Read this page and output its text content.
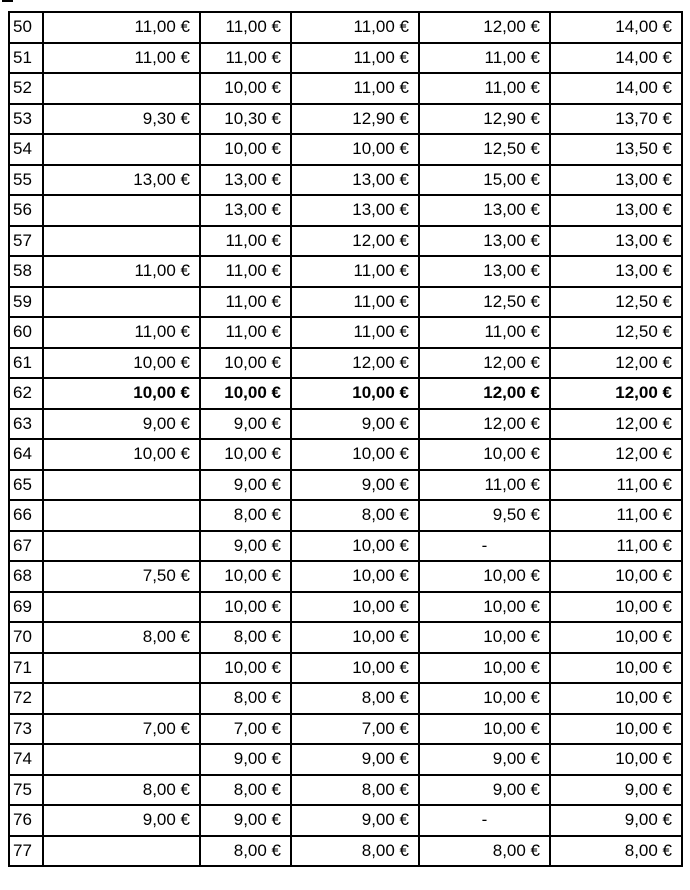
50	11,00 €	11,00 €	11,00 €	12,00 €	14,00 €
51	11,00 €	11,00 €	11,00 €	11,00 €	14,00 €
52		10,00 €	11,00 €	11,00 €	14,00 €
53	9,30 €	10,30 €	12,90 €	12,90 €	13,70 €
54		10,00 €	10,00 €	12,50 €	13,50 €
55	13,00 €	13,00 €	13,00 €	15,00 €	13,00 €
56		13,00 €	13,00 €	13,00 €	13,00 €
57		11,00 €	12,00 €	13,00 €	13,00 €
58	11,00 €	11,00 €	11,00 €	13,00 €	13,00 €
59		11,00 €	11,00 €	12,50 €	12,50 €
60	11,00 €	11,00 €	11,00 €	11,00 €	12,50 €
61	10,00 €	10,00 €	12,00 €	12,00 €	12,00 €
62	10,00 €	10,00 €	10,00 €	12,00 €	12,00 €
63	9,00 €	9,00 €	9,00 €	12,00 €	12,00 €
64	10,00 €	10,00 €	10,00 €	10,00 €	12,00 €
65		9,00 €	9,00 €	11,00 €	11,00 €
66		8,00 €	8,00 €	9,50 €	11,00 €
67		9,00 €	10,00 €	-	11,00 €
68	7,50 €	10,00 €	10,00 €	10,00 €	10,00 €
69		10,00 €	10,00 €	10,00 €	10,00 €
70	8,00 €	8,00 €	10,00 €	10,00 €	10,00 €
71		10,00 €	10,00 €	10,00 €	10,00 €
72		8,00 €	8,00 €	10,00 €	10,00 €
73	7,00 €	7,00 €	7,00 €	10,00 €	10,00 €
74		9,00 €	9,00 €	9,00 €	10,00 €
75	8,00 €	8,00 €	8,00 €	9,00 €	9,00 €
76	9,00 €	9,00 €	9,00 €	-	9,00 €
77		8,00 €	8,00 €	8,00 €	8,00 €
